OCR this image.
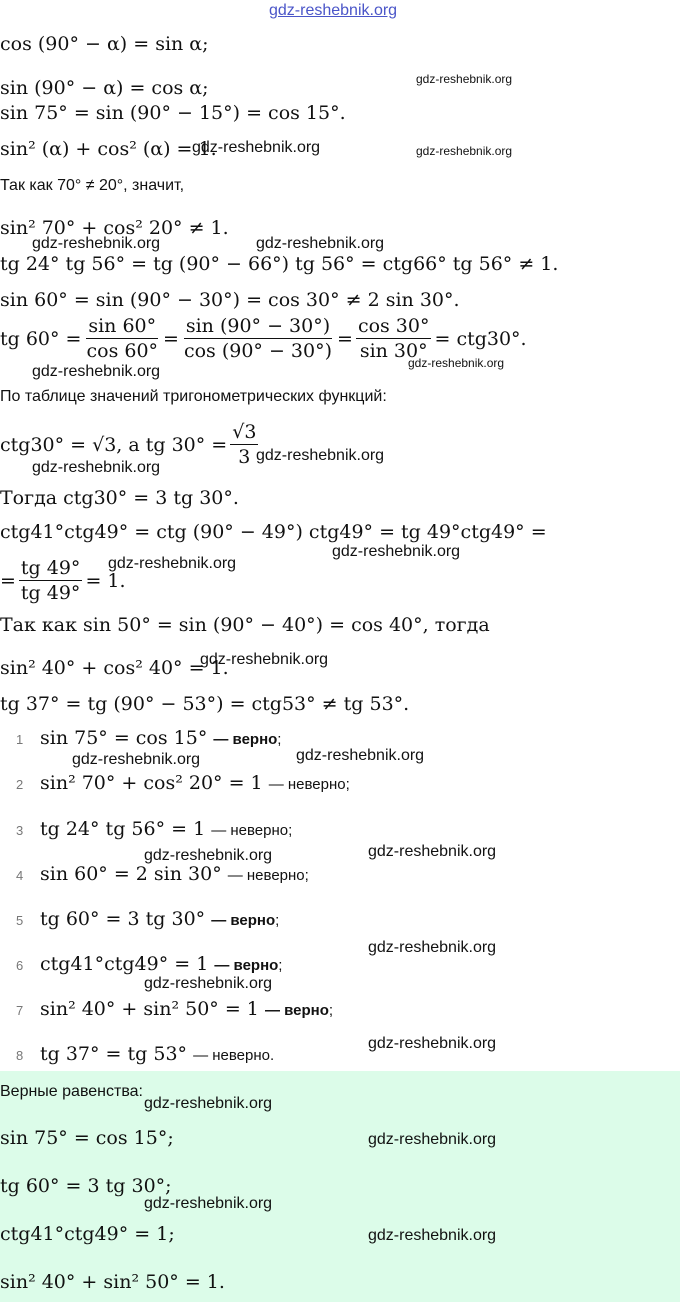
gdz-reshebnik.org
cos (90° − α) = sin α;
sin (90° − α) = cos α;
sin 75° = sin (90° − 15°) = cos 15°.
sin² (α) + cos² (α) = 1.
Так как 70° ≠ 20°, значит,
sin² 70° + cos² 20° ≠ 1.
tg 24° tg 56° = tg (90° − 66°) tg 56° = ctg66° tg 56° ≠ 1.
sin 60° = sin (90° − 30°) = cos 30° ≠ 2 sin 30°.
tg $60^\circ = \frac{\sin 60^\circ}{\cos 60^\circ} = \frac{\sin (90^\circ - 30^\circ)}{\cos (90^\circ - 30^\circ)} = \frac{\cos 30^\circ}{\sin 30^\circ} = ctg30^\circ$.
По таблице значений тригонометрических функций:
ctg30° = √3, а tg $30^\circ = \frac{√3}{3}$
Тогда ctg30° = 3 tg 30°.
ctg41°ctg49° = ctg (90° − 49°) ctg49° = tg 49°ctg49° =
= $\frac{tg 49^\circ}{tg 49^\circ} = 1$.
Так как sin 50° = sin (90° − 40°) = cos 40°, тогда
sin² 40° + cos² 40° = 1.
tg 37° = tg (90° − 53°) = ctg53° ≠ tg 53°.
1 sin 75° = cos 15° — верно;
2 sin² 70° + cos² 20° = 1 — неверно;
3 tg 24° tg 56° = 1 — неверно;
4 sin 60° = 2 sin 30° — неверно;
5 tg 60° = 3 tg 30° — верно;
6 ctg41°ctg49° = 1 — верно;
7 sin² 40° + sin² 50° = 1 — верно;
8 tg 37° = tg 53° — неверно.
Верные равенства:
sin 75° = cos 15°;
tg 60° = 3 tg 30°;
ctg41°ctg49° = 1;
sin² 40° + sin² 50° = 1.
gdz-reshebnik.org
gdz-reshebnik.org	gdz-reshebnik.org
gdz-reshebnik.org	gdz-reshebnik.org
gdz-reshebnik.org
gdz-reshebnik.org
gdz-reshebnik.org
gdz-reshebnik.org
gdz-reshebnik.org
gdz-reshebnik.org
gdz-reshebnik.org
gdz-reshebnik.org
gdz-reshebnik.org
gdz-reshebnik.org
gdz-reshebnik.org
gdz-reshebnik.org
gdz-reshebnik.org
gdz-reshebnik.org
gdz-reshebnik.org
gdz-reshebnik.org
gdz-reshebnik.org
gdz-reshebnik.org
